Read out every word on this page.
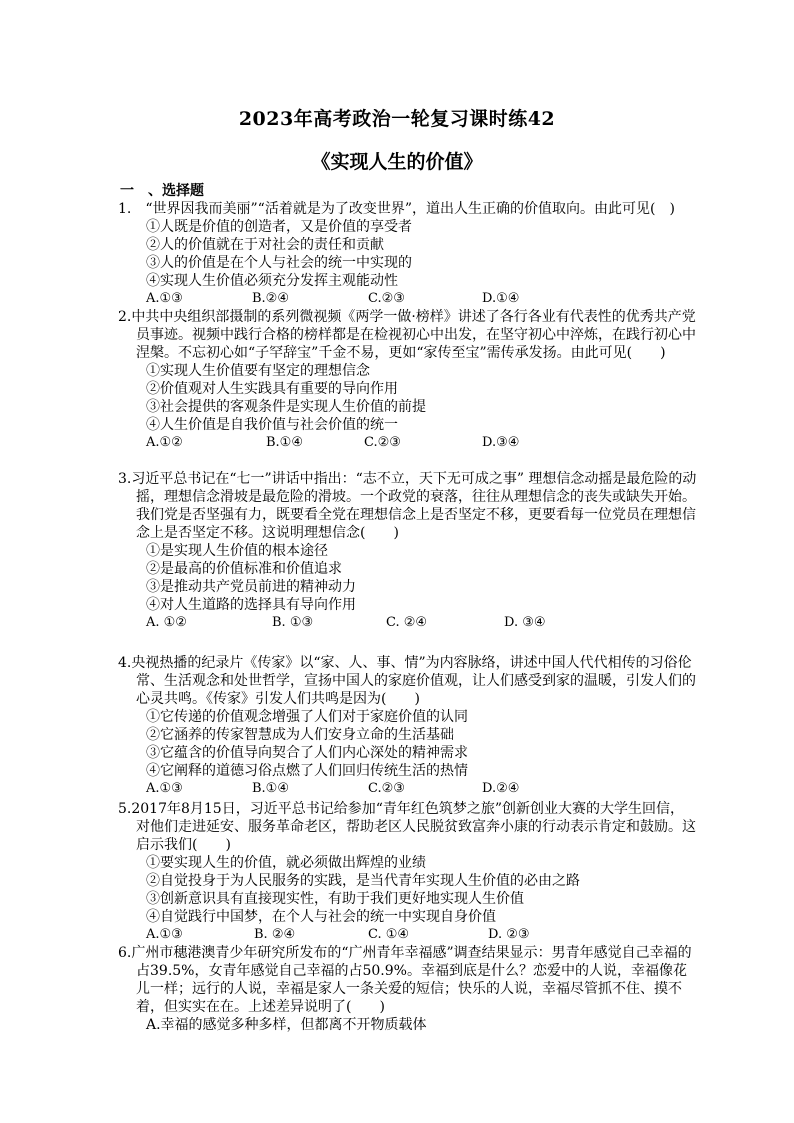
2023年高考政治一轮复习课时练42
《实现人生的价值》
一　、选择题
1.　“世界因我而美丽”“活着就是为了改变世界”，道出人生正确的价值取向。由此可见(　)
①人既是价值的创造者，又是价值的享受者
②人的价值就在于对社会的责任和贡献
③人的价值是在个人与社会的统一中实现的
④实现人生价值必须充分发挥主观能动性
A.①③	B.②④	C.②③	D.①④
2.中共中央组织部摄制的系列微视频《两学一做·榜样》讲述了各行各业有代表性的优秀共产党员事迹。视频中践行合格的榜样都是在检视初心中出发，在坚守初心中淬炼，在践行初心中涅槃。不忘初心如“子罕辞宝”千金不易，更如“家传至宝”需传承发扬。由此可见(　　)
①实现人生价值要有坚定的理想信念
②价值观对人生实践具有重要的导向作用
③社会提供的客观条件是实现人生价值的前提
④人生价值是自我价值与社会价值的统一
A.①②	B.①④	C.②③	D.③④
3.习近平总书记在“七一”讲话中指出：“志不立，天下无可成之事” 理想信念动摇是最危险的动摇，理想信念滑坡是最危险的滑坡。一个政党的衰落，往往从理想信念的丧失或缺失开始。我们党是否坚强有力，既要看全党在理想信念上是否坚定不移，更要看每一位党员在理想信念上是否坚定不移。这说明理想信念(　　)
①是实现人生价值的根本途径
②是最高的价值标准和价值追求
③是推动共产党员前进的精神动力
④对人生道路的选择具有导向作用
A. ①②	B. ①③	C. ②④	D. ③④
4.央视热播的纪录片《传家》以“家、人、事、情”为内容脉络，讲述中国人代代相传的习俗伦常、生活观念和处世哲学，宣扬中国人的家庭价值观，让人们感受到家的温暖，引发人们的心灵共鸣。《传家》引发人们共鸣是因为(　　)
①它传递的价值观念增强了人们对于家庭价值的认同
②它涵养的传家智慧成为人们安身立命的生活基础
③它蕴含的价值导向契合了人们内心深处的精神需求
④它阐释的道德习俗点燃了人们回归传统生活的热情
A.①③	B.①④	C.②③	D.②④
5.2017年8月15日，习近平总书记给参加“青年红色筑梦之旅”创新创业大赛的大学生回信，对他们走进延安、服务革命老区，帮助老区人民脱贫致富奔小康的行动表示肯定和鼓励。这启示我们(　　)
①要实现人生的价值，就必须做出辉煌的业绩
②自觉投身于为人民服务的实践，是当代青年实现人生价值的必由之路
③创新意识具有直接现实性，有助于我们更好地实现人生价值
④自觉践行中国梦，在个人与社会的统一中实现自身价值
A.①③	B. ②④	C. ①④	D. ②③
6.广州市穗港澳青少年研究所发布的“广州青年幸福感”调查结果显示：男青年感觉自己幸福的占39.5%，女青年感觉自己幸福的占50.9%。幸福到底是什么？恋爱中的人说，幸福像花儿一样；远行的人说，幸福是家人一条关爱的短信；快乐的人说，幸福尽管抓不住、摸不着，但实实在在。上述差异说明了(　　)
A.幸福的感觉多种多样，但都离不开物质载体
